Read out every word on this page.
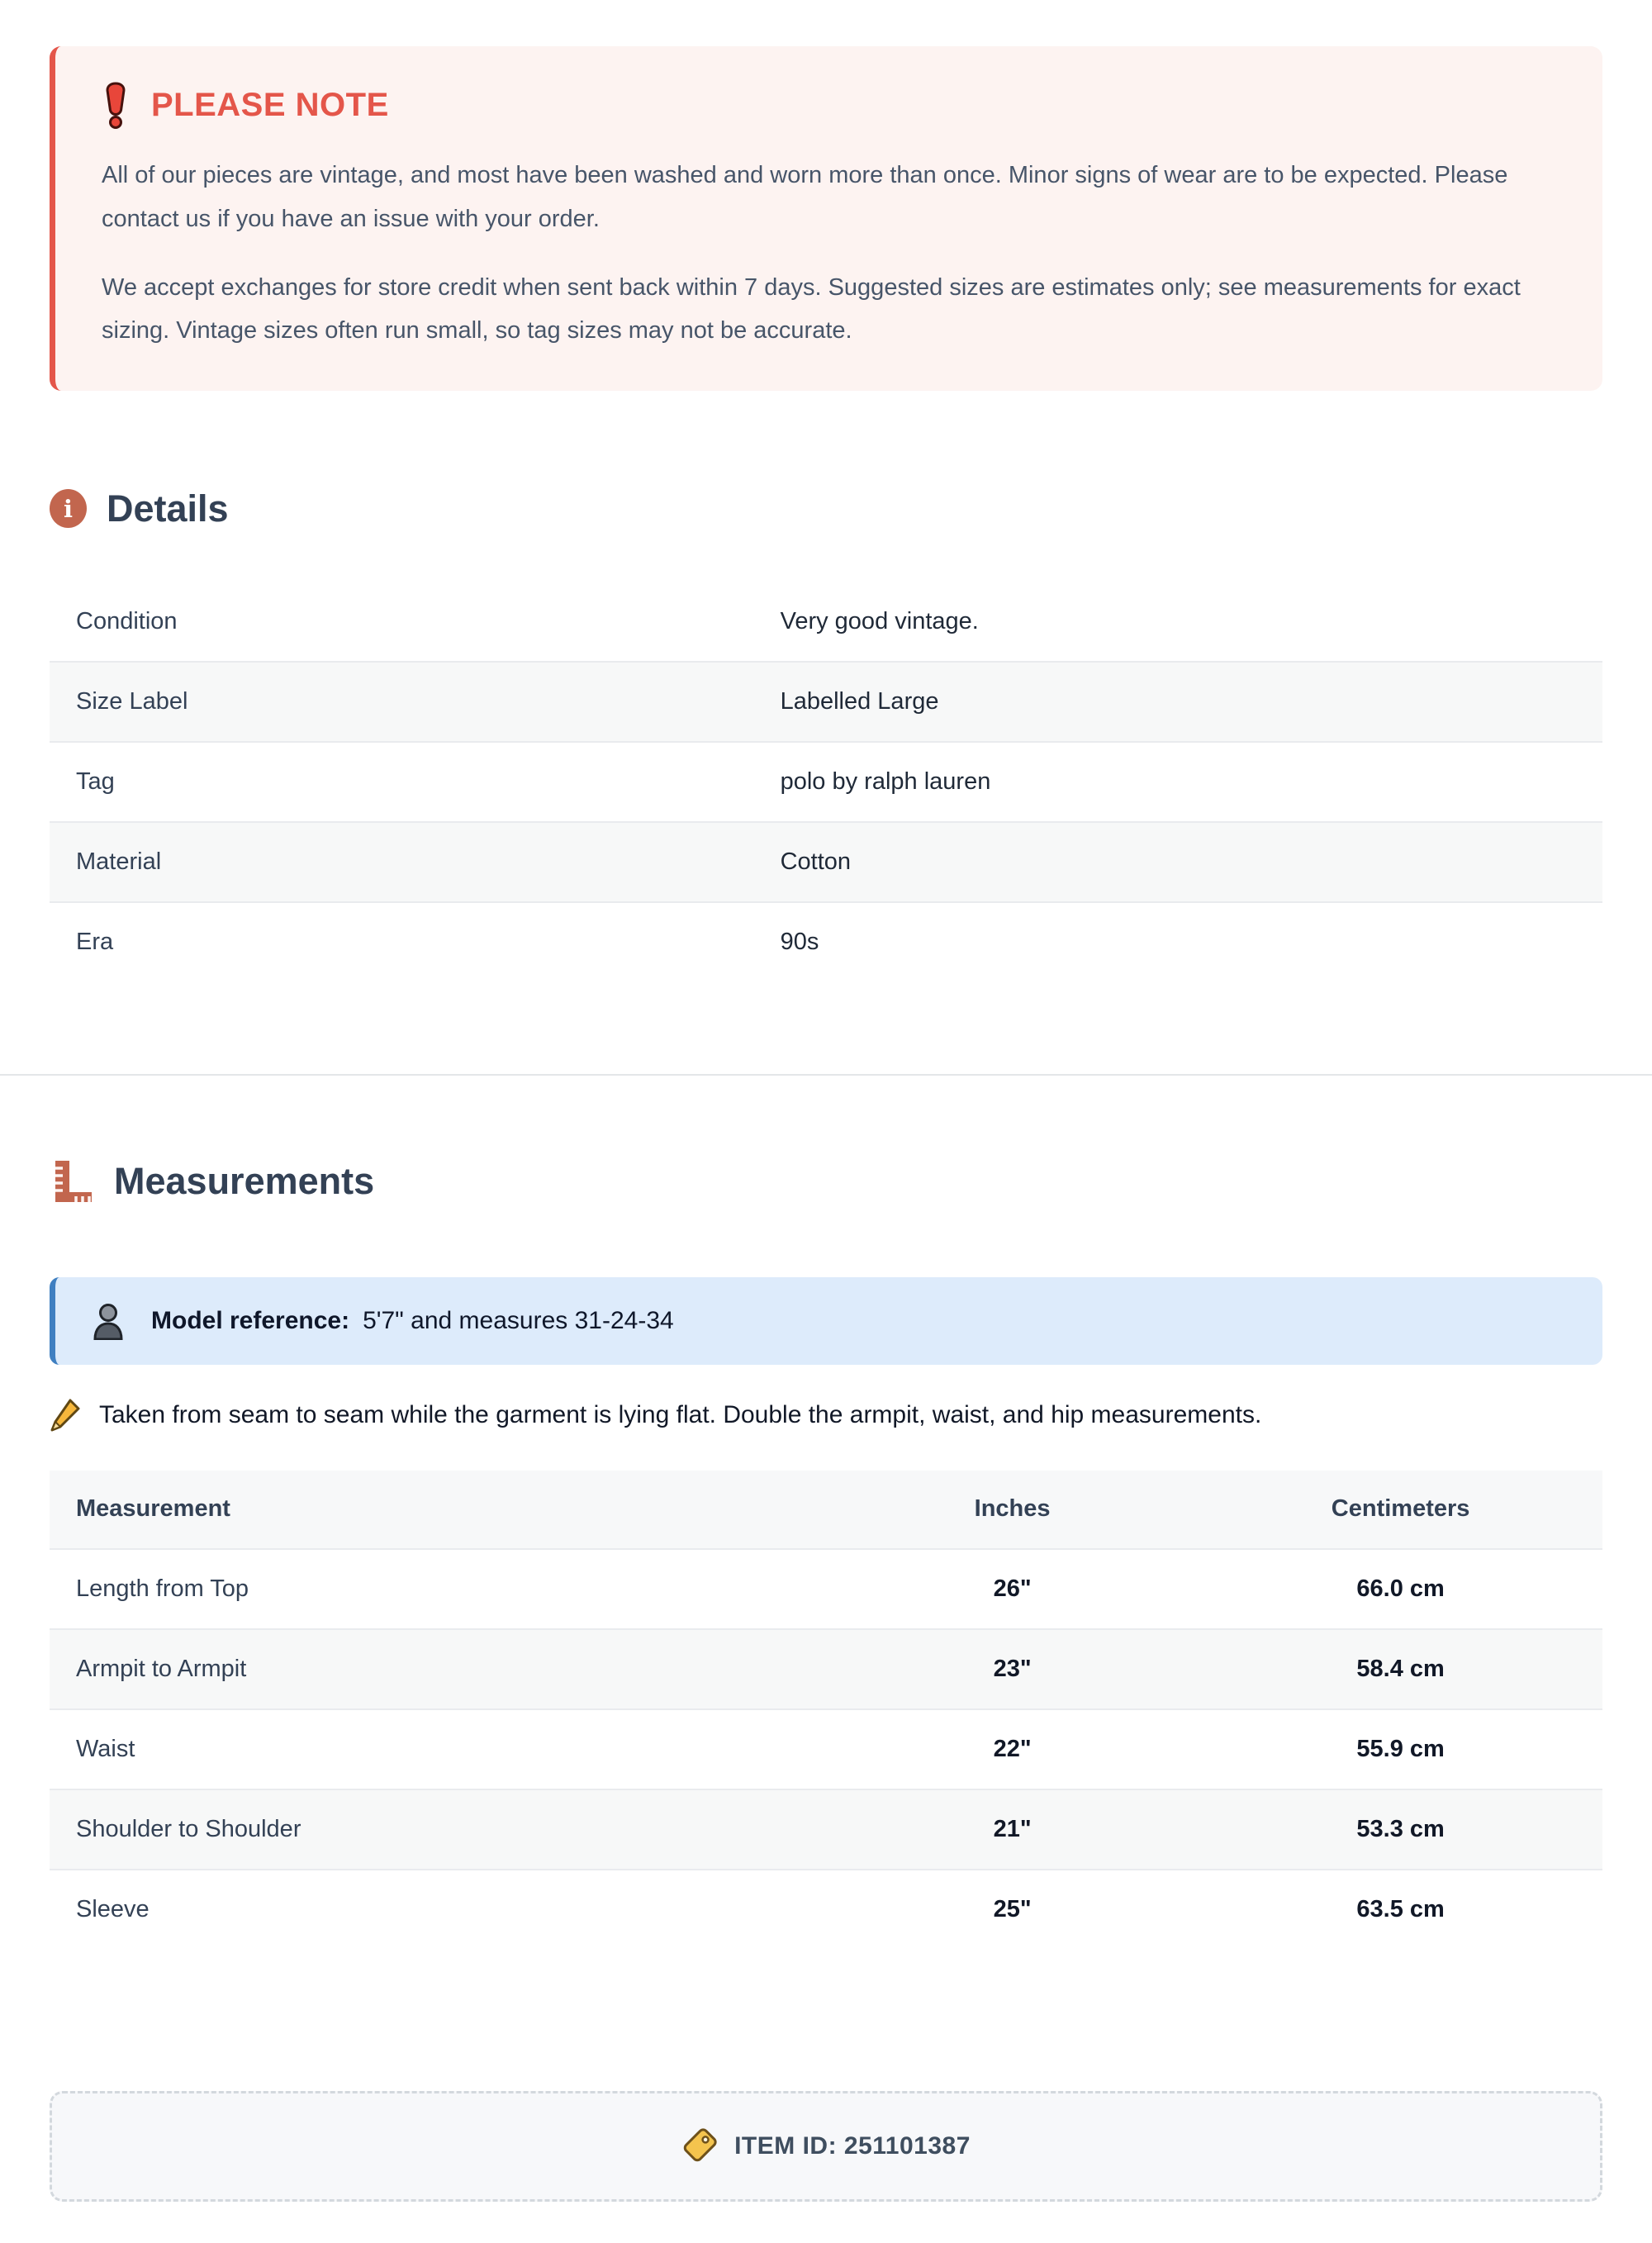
PLEASE NOTE

All of our pieces are vintage, and most have been washed and worn more than once. Minor signs of wear are to be expected. Please contact us if you have an issue with your order.

We accept exchanges for store credit when sent back within 7 days. Suggested sizes are estimates only; see measurements for exact sizing. Vintage sizes often run small, so tag sizes may not be accurate.

i Details
Condition	Very good vintage.
Size Label	Labelled Large
Tag	polo by ralph lauren
Material	Cotton
Era	90s
Measurements
Model reference: 5'7" and measures 31-24-34
Taken from seam to seam while the garment is lying flat. Double the armpit, waist, and hip measurements.
Measurement	Inches	Centimeters
Length from Top	26"	66.0 cm
Armpit to Armpit	23"	58.4 cm
Waist	22"	55.9 cm
Shoulder to Shoulder	21"	53.3 cm
Sleeve	25"	63.5 cm
ITEM ID: 251101387
